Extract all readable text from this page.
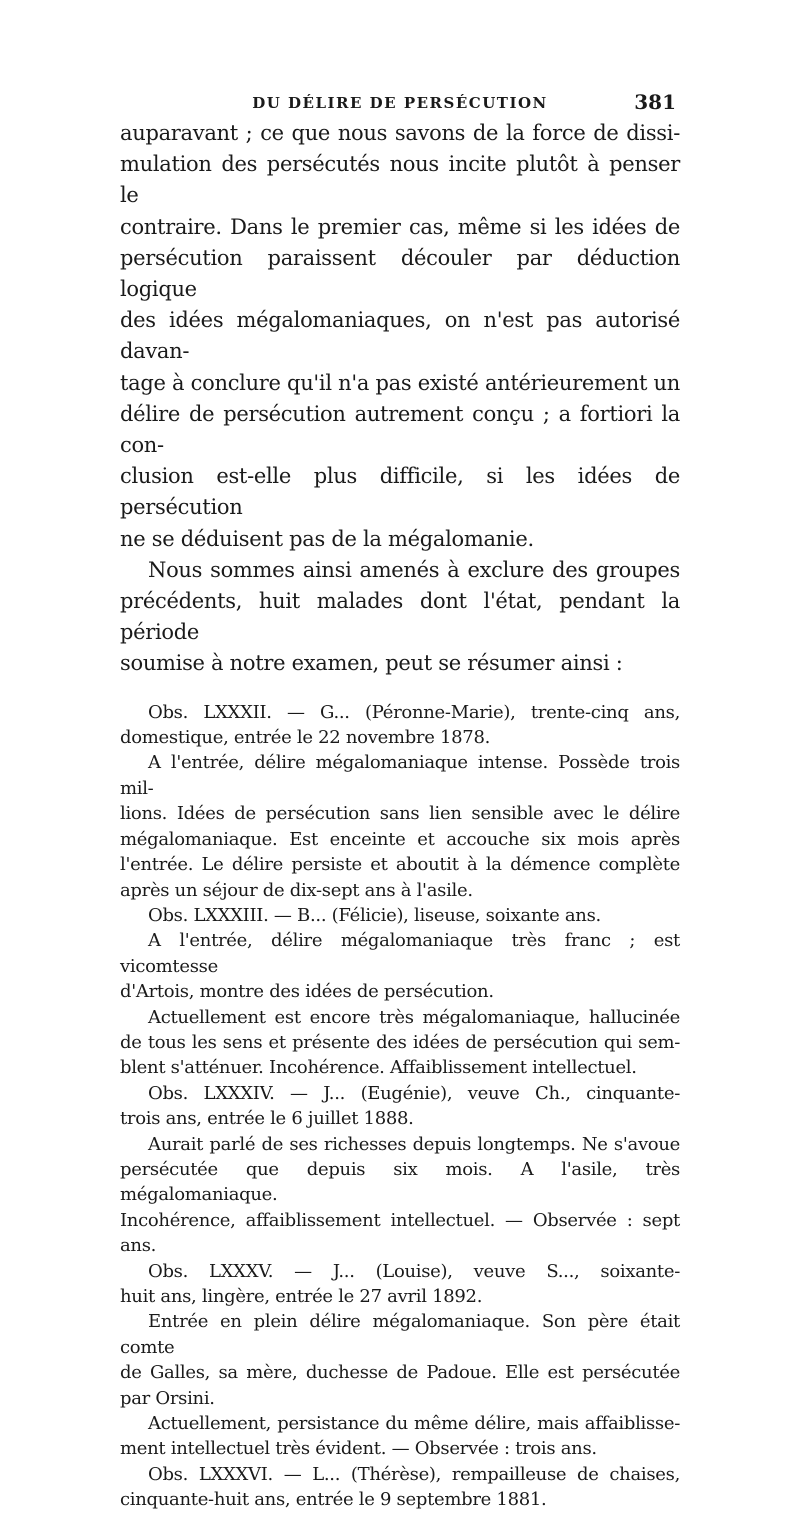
DU DÉLIRE DE PERSÉCUTION	381

auparavant ; ce que nous savons de la force de dissi-

mulation des persécutés nous incite plutôt à penser le

contraire. Dans le premier cas, même si les idées de

persécution paraissent découler par déduction logique

des idées mégalomaniaques, on n'est pas autorisé davan-

tage à conclure qu'il n'a pas existé antérieurement un

délire de persécution autrement conçu ; a fortiori la con-

clusion est-elle plus difficile, si les idées de persécution

ne se déduisent pas de la mégalomanie.

Nous sommes ainsi amenés à exclure des groupes

précédents, huit malades dont l'état, pendant la période

soumise à notre examen, peut se résumer ainsi :

Obs. LXXXII. — G... (Péronne-Marie), trente-cinq ans,

domestique, entrée le 22 novembre 1878.

A l'entrée, délire mégalomaniaque intense. Possède trois mil-

lions. Idées de persécution sans lien sensible avec le délire

mégalomaniaque. Est enceinte et accouche six mois après

l'entrée. Le délire persiste et aboutit à la démence complète

après un séjour de dix-sept ans à l'asile.

Obs. LXXXIII. — B... (Félicie), liseuse, soixante ans.

A l'entrée, délire mégalomaniaque très franc ; est vicomtesse

d'Artois, montre des idées de persécution.

Actuellement est encore très mégalomaniaque, hallucinée

de tous les sens et présente des idées de persécution qui sem-

blent s'atténuer. Incohérence. Affaiblissement intellectuel.

Obs. LXXXIV. — J... (Eugénie), veuve Ch., cinquante-

trois ans, entrée le 6 juillet 1888.

Aurait parlé de ses richesses depuis longtemps. Ne s'avoue

persécutée que depuis six mois. A l'asile, très mégalomaniaque.

Incohérence, affaiblissement intellectuel. — Observée : sept ans.

Obs. LXXXV. — J... (Louise), veuve S..., soixante-

huit ans, lingère, entrée le 27 avril 1892.

Entrée en plein délire mégalomaniaque. Son père était comte

de Galles, sa mère, duchesse de Padoue. Elle est persécutée

par Orsini.

Actuellement, persistance du même délire, mais affaiblisse-

ment intellectuel très évident. — Observée : trois ans.

Obs. LXXXVI. — L... (Thérèse), rempailleuse de chaises,

cinquante-huit ans, entrée le 9 septembre 1881.
